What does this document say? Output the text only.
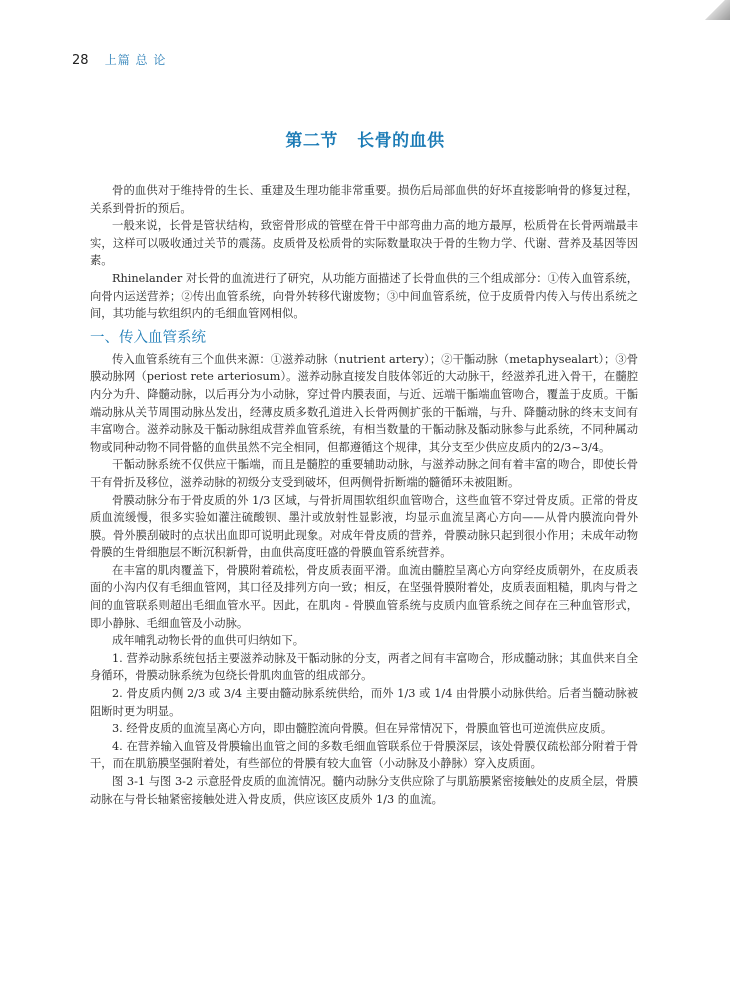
28 上篇 总 论
第二节   长骨的血供

骨的血供对于维持骨的生长、重建及生理功能非常重要。损伤后局部血供的好坏直接影响骨的修复过程，关系到骨折的预后。

一般来说，长骨是管状结构，致密骨形成的管壁在骨干中部弯曲力高的地方最厚，松质骨在长骨两端最丰实，这样可以吸收通过关节的震荡。皮质骨及松质骨的实际数量取决于骨的生物力学、代谢、营养及基因等因素。

Rhinelander 对长骨的血流进行了研究，从功能方面描述了长骨血供的三个组成部分：①传入血管系统，向骨内运送营养；②传出血管系统，向骨外转移代谢废物；③中间血管系统，位于皮质骨内传入与传出系统之间，其功能与软组织内的毛细血管网相似。

一、传入血管系统

传入血管系统有三个血供来源：①滋养动脉（nutrient artery）；②干骺动脉（metaphysealart）；③骨膜动脉网（periost rete arteriosum）。滋养动脉直接发自肢体邻近的大动脉干，经滋养孔进入骨干，在髓腔内分为升、降髓动脉，以后再分为小动脉，穿过骨内膜表面，与近、远端干骺端血管吻合，覆盖于皮质。干骺端动脉从关节周围动脉丛发出，经薄皮质多数孔道进入长骨两侧扩张的干骺端，与升、降髓动脉的终末支间有丰富吻合。滋养动脉及干骺动脉组成营养血管系统，有相当数量的干骺动脉及骺动脉参与此系统，不同种属动物或同种动物不同骨骼的血供虽然不完全相同，但都遵循这个规律，其分支至少供应皮质内的2/3~3/4。

干骺动脉系统不仅供应干骺端，而且是髓腔的重要辅助动脉，与滋养动脉之间有着丰富的吻合，即使长骨干有骨折及移位，滋养动脉的初级分支受到破坏，但两侧骨折断端的髓循环未被阻断。

骨膜动脉分布于骨皮质的外 1/3 区域，与骨折周围软组织血管吻合，这些血管不穿过骨皮质。正常的骨皮质血流缓慢，很多实验如灌注硫酸钡、墨汁或放射性显影液，均显示血流呈离心方向——从骨内膜流向骨外膜。骨外膜刮破时的点状出血即可说明此现象。对成年骨皮质的营养，骨膜动脉只起到很小作用；未成年动物骨膜的生骨细胞层不断沉积新骨，由血供高度旺盛的骨膜血管系统营养。

在丰富的肌肉覆盖下，骨膜附着疏松，骨皮质表面平滑。血流由髓腔呈离心方向穿经皮质朝外，在皮质表面的小沟内仅有毛细血管网，其口径及排列方向一致；相反，在坚强骨膜附着处，皮质表面粗糙，肌肉与骨之间的血管联系则超出毛细血管水平。因此，在肌肉 - 骨膜血管系统与皮质内血管系统之间存在三种血管形式，即小静脉、毛细血管及小动脉。

成年哺乳动物长骨的血供可归纳如下。

1. 营养动脉系统包括主要滋养动脉及干骺动脉的分支，两者之间有丰富吻合，形成髓动脉；其血供来自全身循环，骨膜动脉系统为包绕长骨肌肉血管的组成部分。

2. 骨皮质内侧 2/3 或 3/4 主要由髓动脉系统供给，而外 1/3 或 1/4 由骨膜小动脉供给。后者当髓动脉被阻断时更为明显。

3. 经骨皮质的血流呈离心方向，即由髓腔流向骨膜。但在异常情况下，骨膜血管也可逆流供应皮质。

4. 在营养输入血管及骨膜输出血管之间的多数毛细血管联系位于骨膜深层，该处骨膜仅疏松部分附着于骨干，而在肌筋膜坚强附着处，有些部位的骨膜有较大血管（小动脉及小静脉）穿入皮质面。

图 3-1 与图 3-2 示意胫骨皮质的血流情况。髓内动脉分支供应除了与肌筋膜紧密接触处的皮质全层，骨膜动脉在与骨长轴紧密接触处进入骨皮质，供应该区皮质外 1/3 的血流。
